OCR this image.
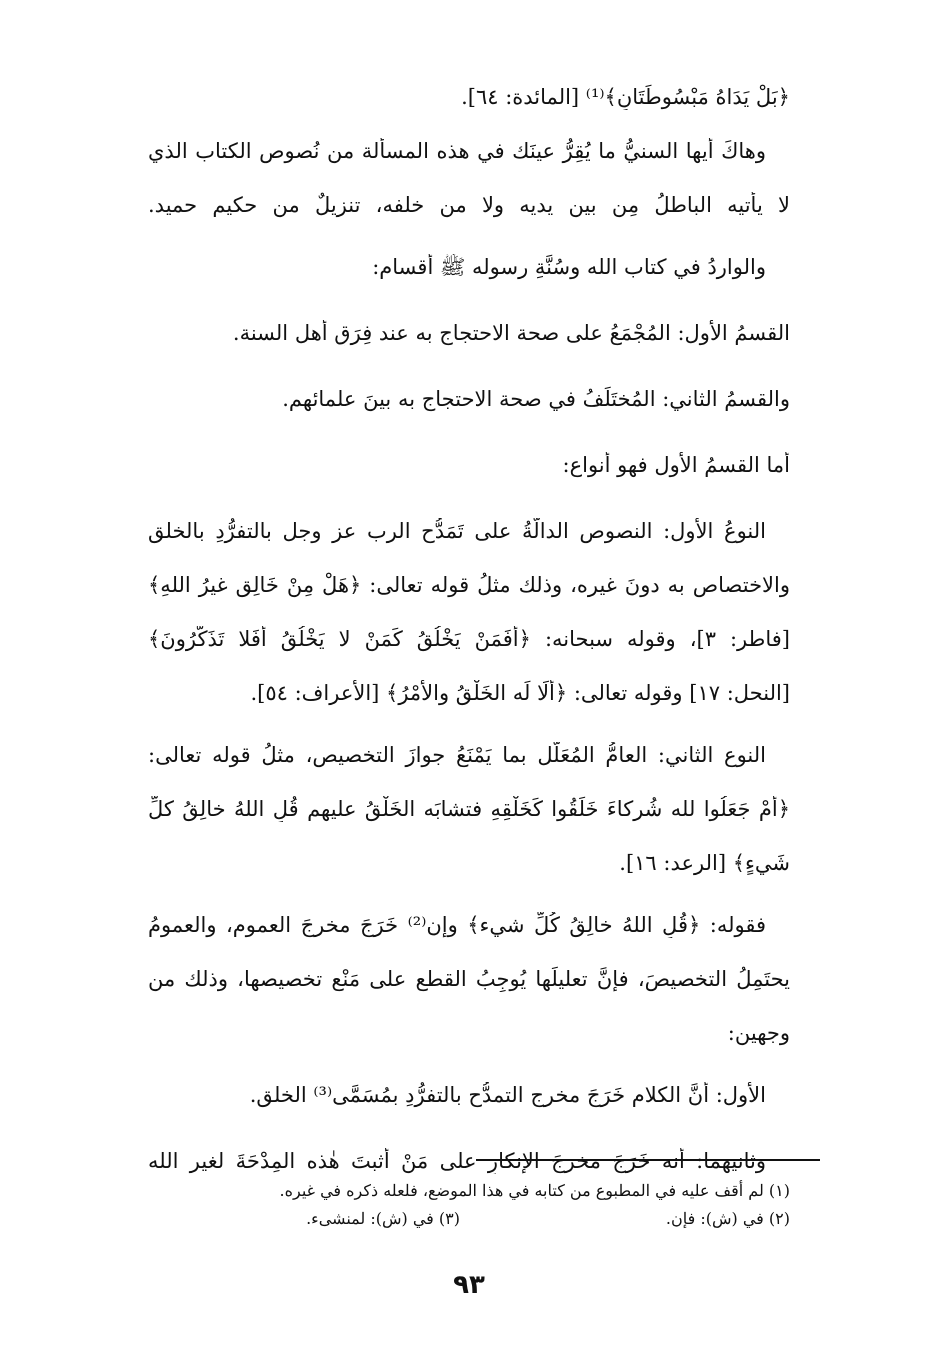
﴿بَلْ يَدَاهُ مَبْسُوطَتَانِ﴾⁽¹⁾ [المائدة: ٦٤].
وهاكَ أيها السنيُّ ما يُقِرُّ عينَك في هذه المسألة من نُصوص الكتاب الذي
لا يأتيه الباطلُ مِن بينِ يديه ولا من خلفه، تنزيلٌ من حكيم حميد.
والواردُ في كتاب الله وسُنَّةِ رسوله ﷺ أقسام:
القسمُ الأول: المُجْمَعُ على صحة الاحتجاج به عند فِرَقِ أهل السنة.
والقسمُ الثاني: المُختَلَفُ في صحة الاحتجاج به بينَ علمائهم.
أما القسمُ الأول فهو أنواع:
النوعُ الأول: النصوص الدالَّةُ على تَمَدُّحِ الرب عز وجل بالتفرُّدِ بالخلق
والاختصاص به دونَ غيره، وذلك مثلُ قوله تعالى: ﴿هَلْ مِنْ خَالِقٍ غيرُ اللهِ﴾
[فاطر: ٣]، وقوله سبحانه: ﴿أَفَمَنْ يَخْلُقُ كَمَنْ لا يَخْلُقُ أَفَلا تَذَكَّرُونَ﴾
[النحل: ١٧] وقوله تعالى: ﴿أَلَا لَه الخَلْقُ والأَمْرُ﴾ [الأعراف: ٥٤].
النوع الثاني: العامُّ المُعَلَّل بما يَمْنَعُ جوازَ التخصيص، مثلُ قوله تعالى:
﴿أَمْ جَعَلُوا لله شُركاءَ خَلَقُوا كَخَلْقِهِ فتشابَه الخَلْقُ عليهم قُلِ اللهُ خالِقُ كلِّ
شَيءٍ﴾ [الرعد: ١٦].
فقوله: ﴿قُلِ اللهُ خالِقُ كُلِّ شيء﴾ وإن⁽²⁾ خَرَجَ مخرجَ العموم، والعمومُ
يحتَمِلُ التخصيصَ، فإنَّ تعليلَها يُوجِبُ القطع على مَنْعِ تخصيصها، وذلك من
وجهين:
الأول: أنَّ الكلام خَرَجَ مخرج التمدُّحِ بالتفرُّدِ بمُسَمَّى⁽³⁾ الخلق.
وثانيهما: أنه خَرَجَ مخرجَ الإنكارِ على مَنْ أثبتَ هٰذه المِدْحَةَ لغير الله
(١) لم أقف عليه في المطبوع من كتابه في هذا الموضع، فلعله ذكره في غيره.
(٢) في (ش): فإن.(٣) في (ش): لمنشىء.
٩٣
